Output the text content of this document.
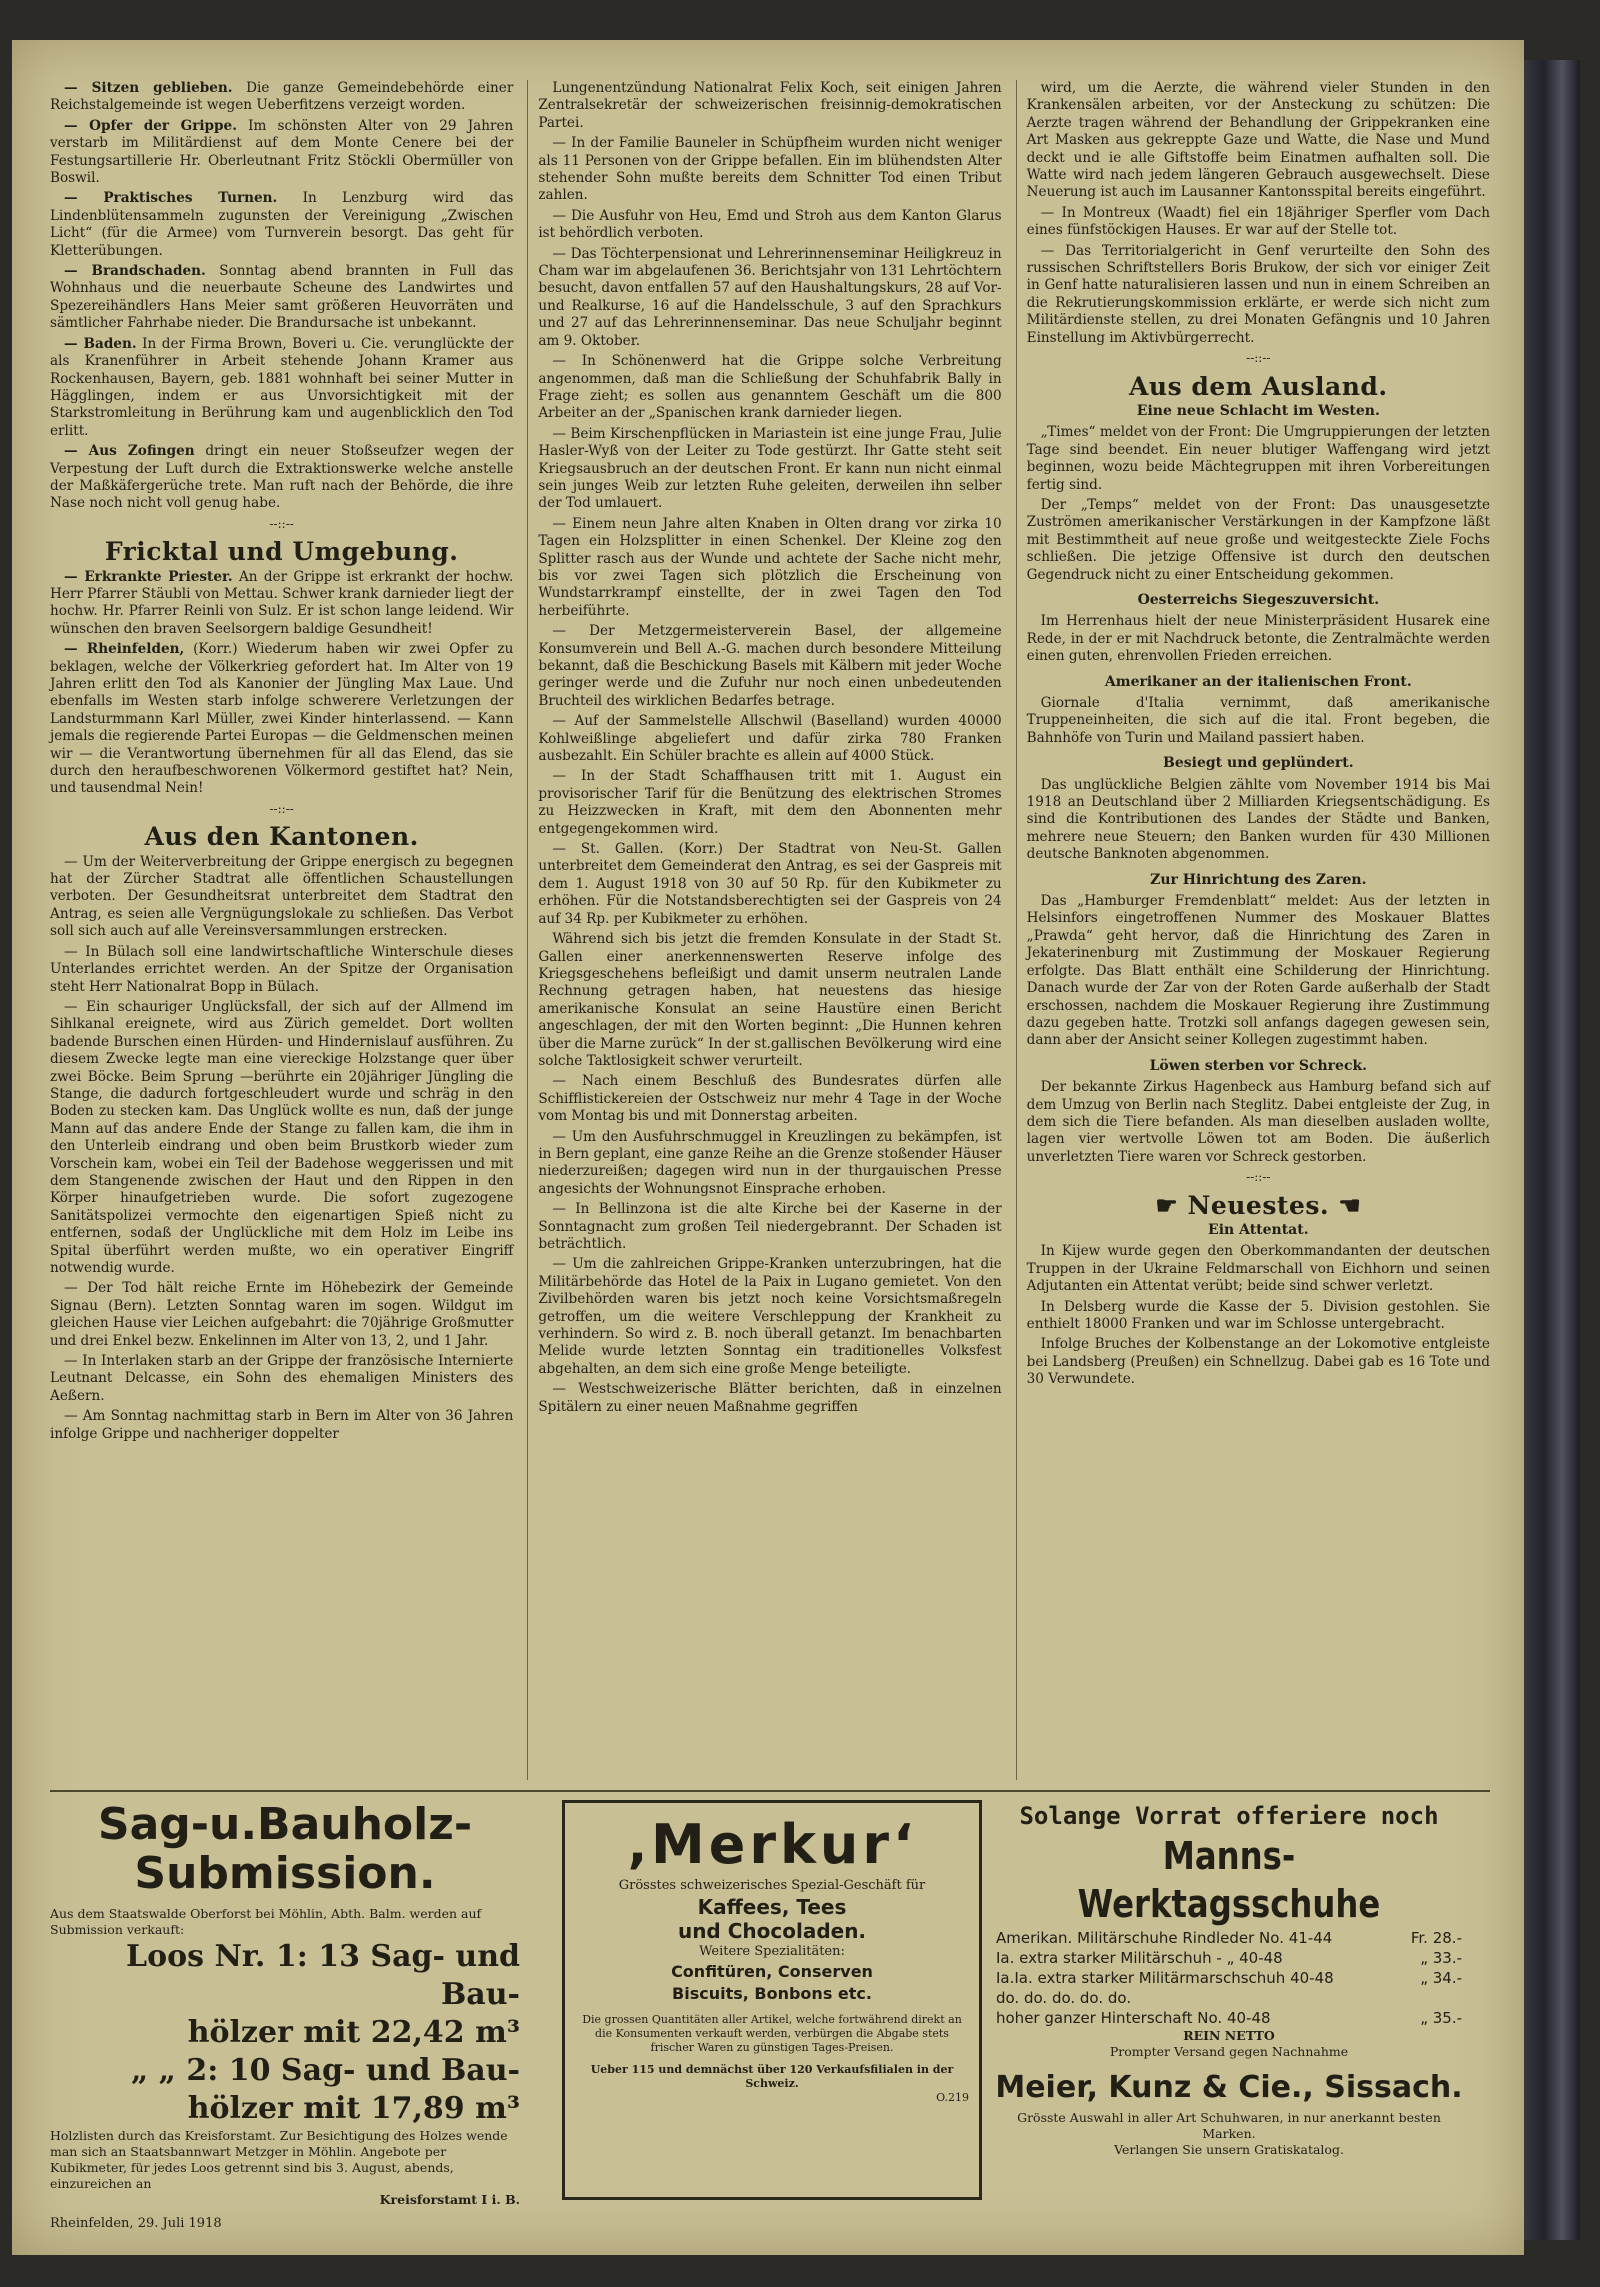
— Sitzen geblieben. Die ganze Gemeindebehörde einer Reichstalgemeinde ist wegen Ueberfitzens verzeigt worden.

— Opfer der Grippe. Im schönsten Alter von 29 Jahren verstarb im Militärdienst auf dem Monte Cenere bei der Festungsartillerie Hr. Oberleutnant Fritz Stöckli Obermüller von Boswil.

— Praktisches Turnen. In Lenzburg wird das Lindenblütensammeln zugunsten der Vereinigung „Zwischen Licht“ (für die Armee) vom Turnverein besorgt. Das geht für Kletterübungen.

— Brandschaden. Sonntag abend brannten in Full das Wohnhaus und die neuerbaute Scheune des Landwirtes und Spezereihändlers Hans Meier samt größeren Heuvorräten und sämtlicher Fahrhabe nieder. Die Brandursache ist unbekannt.

— Baden. In der Firma Brown, Boveri u. Cie. verunglückte der als Kranenführer in Arbeit stehende Johann Kramer aus Rockenhausen, Bayern, geb. 1881 wohnhaft bei seiner Mutter in Hägglingen, indem er aus Unvorsichtigkeit mit der Starkstromleitung in Berührung kam und augenblicklich den Tod erlitt.

— Aus Zofingen dringt ein neuer Stoßseufzer wegen der Verpestung der Luft durch die Extraktionswerke welche anstelle der Maßkäfergerüche trete. Man ruft nach der Behörde, die ihre Nase noch nicht voll genug habe.

--::--
Fricktal und Umgebung.

— Erkrankte Priester. An der Grippe ist erkrankt der hochw. Herr Pfarrer Stäubli von Mettau. Schwer krank darnieder liegt der hochw. Hr. Pfarrer Reinli von Sulz. Er ist schon lange leidend. Wir wünschen den braven Seelsorgern baldige Gesundheit!

— Rheinfelden, (Korr.) Wiederum haben wir zwei Opfer zu beklagen, welche der Völkerkrieg gefordert hat. Im Alter von 19 Jahren erlitt den Tod als Kanonier der Jüngling Max Laue. Und ebenfalls im Westen starb infolge schwerere Verletzungen der Landsturmmann Karl Müller, zwei Kinder hinterlassend. — Kann jemals die regierende Partei Europas — die Geldmenschen meinen wir — die Verantwortung übernehmen für all das Elend, das sie durch den heraufbeschworenen Völkermord gestiftet hat? Nein, und tausendmal Nein!

--::--
Aus den Kantonen.

— Um der Weiterverbreitung der Grippe energisch zu begegnen hat der Zürcher Stadtrat alle öffentlichen Schaustellungen verboten. Der Gesundheitsrat unterbreitet dem Stadtrat den Antrag, es seien alle Vergnügungslokale zu schließen. Das Verbot soll sich auch auf alle Vereinsversammlungen erstrecken.

— In Bülach soll eine landwirtschaftliche Winterschule dieses Unterlandes errichtet werden. An der Spitze der Organisation steht Herr Nationalrat Bopp in Bülach.

— Ein schauriger Unglücksfall, der sich auf der Allmend im Sihlkanal ereignete, wird aus Zürich gemeldet. Dort wollten badende Burschen einen Hürden- und Hindernislauf ausführen. Zu diesem Zwecke legte man eine viereckige Holzstange quer über zwei Böcke. Beim Sprung —berührte ein 20jähriger Jüngling die Stange, die dadurch fortgeschleudert wurde und schräg in den Boden zu stecken kam. Das Unglück wollte es nun, daß der junge Mann auf das andere Ende der Stange zu fallen kam, die ihm in den Unterleib eindrang und oben beim Brustkorb wieder zum Vorschein kam, wobei ein Teil der Badehose weggerissen und mit dem Stangenende zwischen der Haut und den Rippen in den Körper hinaufgetrieben wurde. Die sofort zugezogene Sanitätspolizei vermochte den eigenartigen Spieß nicht zu entfernen, sodaß der Unglückliche mit dem Holz im Leibe ins Spital überführt werden mußte, wo ein operativer Eingriff notwendig wurde.

— Der Tod hält reiche Ernte im Höhebezirk der Gemeinde Signau (Bern). Letzten Sonntag waren im sogen. Wildgut im gleichen Hause vier Leichen aufgebahrt: die 70jährige Großmutter und drei Enkel bezw. Enkelinnen im Alter von 13, 2, und 1 Jahr.

— In Interlaken starb an der Grippe der französische Internierte Leutnant Delcasse, ein Sohn des ehemaligen Ministers des Aeßern.

— Am Sonntag nachmittag starb in Bern im Alter von 36 Jahren infolge Grippe und nachheriger doppelter

Lungenentzündung Nationalrat Felix Koch, seit einigen Jahren Zentralsekretär der schweizerischen freisinnig-demokratischen Partei.

— In der Familie Bauneler in Schüpfheim wurden nicht weniger als 11 Personen von der Grippe befallen. Ein im blühendsten Alter stehender Sohn mußte bereits dem Schnitter Tod einen Tribut zahlen.

— Die Ausfuhr von Heu, Emd und Stroh aus dem Kanton Glarus ist behördlich verboten.

— Das Töchterpensionat und Lehrerinnenseminar Heiligkreuz in Cham war im abgelaufenen 36. Berichtsjahr von 131 Lehrtöchtern besucht, davon entfallen 57 auf den Haushaltungskurs, 28 auf Vor- und Realkurse, 16 auf die Handelsschule, 3 auf den Sprachkurs und 27 auf das Lehrerinnenseminar. Das neue Schuljahr beginnt am 9. Oktober.

— In Schönenwerd hat die Grippe solche Verbreitung angenommen, daß man die Schließung der Schuhfabrik Bally in Frage zieht; es sollen aus genanntem Geschäft um die 800 Arbeiter an der „Spanischen krank darnieder liegen.

— Beim Kirschenpflücken in Mariastein ist eine junge Frau, Julie Hasler-Wyß von der Leiter zu Tode gestürzt. Ihr Gatte steht seit Kriegsausbruch an der deutschen Front. Er kann nun nicht einmal sein junges Weib zur letzten Ruhe geleiten, derweilen ihn selber der Tod umlauert.

— Einem neun Jahre alten Knaben in Olten drang vor zirka 10 Tagen ein Holzsplitter in einen Schenkel. Der Kleine zog den Splitter rasch aus der Wunde und achtete der Sache nicht mehr, bis vor zwei Tagen sich plötzlich die Erscheinung von Wundstarrkrampf einstellte, der in zwei Tagen den Tod herbeiführte.

— Der Metzgermeisterverein Basel, der allgemeine Konsumverein und Bell A.-G. machen durch besondere Mitteilung bekannt, daß die Beschickung Basels mit Kälbern mit jeder Woche geringer werde und die Zufuhr nur noch einen unbedeutenden Bruchteil des wirklichen Bedarfes betrage.

— Auf der Sammelstelle Allschwil (Baselland) wurden 40000 Kohlweißlinge abgeliefert und dafür zirka 780 Franken ausbezahlt. Ein Schüler brachte es allein auf 4000 Stück.

— In der Stadt Schaffhausen tritt mit 1. August ein provisorischer Tarif für die Benützung des elektrischen Stromes zu Heizzwecken in Kraft, mit dem den Abonnenten mehr entgegengekommen wird.

— St. Gallen. (Korr.) Der Stadtrat von Neu-St. Gallen unterbreitet dem Gemeinderat den Antrag, es sei der Gaspreis mit dem 1. August 1918 von 30 auf 50 Rp. für den Kubikmeter zu erhöhen. Für die Notstandsberechtigten sei der Gaspreis von 24 auf 34 Rp. per Kubikmeter zu erhöhen.

Während sich bis jetzt die fremden Konsulate in der Stadt St. Gallen einer anerkennenswerten Reserve infolge des Kriegsgeschehens befleißigt und damit unserm neutralen Lande Rechnung getragen haben, hat neuestens das hiesige amerikanische Konsulat an seine Haustüre einen Bericht angeschlagen, der mit den Worten beginnt: „Die Hunnen kehren über die Marne zurück“ In der st.gallischen Bevölkerung wird eine solche Taktlosigkeit schwer verurteilt.

— Nach einem Beschluß des Bundesrates dürfen alle Schifflistickereien der Ostschweiz nur mehr 4 Tage in der Woche vom Montag bis und mit Donnerstag arbeiten.

— Um den Ausfuhrschmuggel in Kreuzlingen zu bekämpfen, ist in Bern geplant, eine ganze Reihe an die Grenze stoßender Häuser niederzureißen; dagegen wird nun in der thurgauischen Presse angesichts der Wohnungsnot Einsprache erhoben.

— In Bellinzona ist die alte Kirche bei der Kaserne in der Sonntagnacht zum großen Teil niedergebrannt. Der Schaden ist beträchtlich.

— Um die zahlreichen Grippe-Kranken unterzubringen, hat die Militärbehörde das Hotel de la Paix in Lugano gemietet. Von den Zivilbehörden waren bis jetzt noch keine Vorsichtsmaßregeln getroffen, um die weitere Verschleppung der Krankheit zu verhindern. So wird z. B. noch überall getanzt. Im benachbarten Melide wurde letzten Sonntag ein traditionelles Volksfest abgehalten, an dem sich eine große Menge beteiligte.

— Westschweizerische Blätter berichten, daß in einzelnen Spitälern zu einer neuen Maßnahme gegriffen

wird, um die Aerzte, die während vieler Stunden in den Krankensälen arbeiten, vor der Ansteckung zu schützen: Die Aerzte tragen während der Behandlung der Grippekranken eine Art Masken aus gekreppte Gaze und Watte, die Nase und Mund deckt und ie alle Giftstoffe beim Einatmen aufhalten soll. Die Watte wird nach jedem längeren Gebrauch ausgewechselt. Diese Neuerung ist auch im Lausanner Kantonsspital bereits eingeführt.

— In Montreux (Waadt) fiel ein 18jähriger Sperfler vom Dach eines fünfstöckigen Hauses. Er war auf der Stelle tot.

— Das Territorialgericht in Genf verurteilte den Sohn des russischen Schriftstellers Boris Brukow, der sich vor einiger Zeit in Genf hatte naturalisieren lassen und nun in einem Schreiben an die Rekrutierungskommission erklärte, er werde sich nicht zum Militärdienste stellen, zu drei Monaten Gefängnis und 10 Jahren Einstellung im Aktivbürgerrecht.

--::--
Aus dem Ausland.
Eine neue Schlacht im Westen.

„Times“ meldet von der Front: Die Umgruppierungen der letzten Tage sind beendet. Ein neuer blutiger Waffengang wird jetzt beginnen, wozu beide Mächtegruppen mit ihren Vorbereitungen fertig sind.

Der „Temps“ meldet von der Front: Das unausgesetzte Zuströmen amerikanischer Verstärkungen in der Kampfzone läßt mit Bestimmtheit auf neue große und weitgesteckte Ziele Fochs schließen. Die jetzige Offensive ist durch den deutschen Gegendruck nicht zu einer Entscheidung gekommen.

Oesterreichs Siegeszuversicht.

Im Herrenhaus hielt der neue Ministerpräsident Husarek eine Rede, in der er mit Nachdruck betonte, die Zentralmächte werden einen guten, ehrenvollen Frieden erreichen.

Amerikaner an der italienischen Front.

Giornale d'Italia vernimmt, daß amerikanische Truppeneinheiten, die sich auf die ital. Front begeben, die Bahnhöfe von Turin und Mailand passiert haben.

Besiegt und geplündert.

Das unglückliche Belgien zählte vom November 1914 bis Mai 1918 an Deutschland über 2 Milliarden Kriegsentschädigung. Es sind die Kontributionen des Landes der Städte und Banken, mehrere neue Steuern; den Banken wurden für 430 Millionen deutsche Banknoten abgenommen.

Zur Hinrichtung des Zaren.

Das „Hamburger Fremdenblatt“ meldet: Aus der letzten in Helsinfors eingetroffenen Nummer des Moskauer Blattes „Prawda“ geht hervor, daß die Hinrichtung des Zaren in Jekaterinenburg mit Zustimmung der Moskauer Regierung erfolgte. Das Blatt enthält eine Schilderung der Hinrichtung. Danach wurde der Zar von der Roten Garde außerhalb der Stadt erschossen, nachdem die Moskauer Regierung ihre Zustimmung dazu gegeben hatte. Trotzki soll anfangs dagegen gewesen sein, dann aber der Ansicht seiner Kollegen zugestimmt haben.

Löwen sterben vor Schreck.

Der bekannte Zirkus Hagenbeck aus Hamburg befand sich auf dem Umzug von Berlin nach Steglitz. Dabei entgleiste der Zug, in dem sich die Tiere befanden. Als man dieselben ausladen wollte, lagen vier wertvolle Löwen tot am Boden. Die äußerlich unverletzten Tiere waren vor Schreck gestorben.

--::--
☛ Neuestes. ☚
Ein Attentat.

In Kijew wurde gegen den Oberkommandanten der deutschen Truppen in der Ukraine Feldmarschall von Eichhorn und seinen Adjutanten ein Attentat verübt; beide sind schwer verletzt.

In Delsberg wurde die Kasse der 5. Division gestohlen. Sie enthielt 18000 Franken und war im Schlosse untergebracht.

Infolge Bruches der Kolbenstange an der Lokomotive entgleiste bei Landsberg (Preußen) ein Schnellzug. Dabei gab es 16 Tote und 30 Verwundete.

Sag-u.Bauholz-
Submission.
Aus dem Staatswalde Oberforst bei Möhlin, Abth. Balm. werden auf Submission verkauft:
Loos Nr. 1: 13 Sag- und Bau-
hölzer mit 22,42 m³
„ „ 2: 10 Sag- und Bau-
hölzer mit 17,89 m³
Holzlisten durch das Kreisforstamt. Zur Besichtigung des Holzes wende man sich an Staatsbannwart Metzger in Möhlin. Angebote per Kubikmeter, für jedes Loos getrennt sind bis 3. August, abends, einzureichen an
Kreisforstamt I i. B.
Rheinfelden, 29. Juli 1918
‚Merkur‘
Grösstes schweizerisches Spezial-Geschäft für
Kaffees, Tees
und Chocoladen.
Weitere Spezialitäten:
Confitüren, Conserven
Biscuits, Bonbons etc.
Die grossen Quantitäten aller Artikel, welche fortwährend direkt an die Konsumenten verkauft werden, verbürgen die Abgabe stets frischer Waren zu günstigen Tages-Preisen.
Ueber 115 und demnächst über 120 Verkaufsfilialen in der Schweiz.
O.219
Solange Vorrat offeriere noch
Manns-Werktagsschuhe
Amerikan. Militärschuhe Rindleder No. 41-44	Fr. 28.-
Ia. extra starker Militärschuh - „ 40-48	„ 33.-
Ia.Ia. extra starker Militärmarschschuh 40-48	„ 34.-
do. do. do. do. do.	
hoher ganzer Hinterschaft No. 40-48	„ 35.-
REIN NETTO
Prompter Versand gegen Nachnahme
Meier, Kunz & Cie., Sissach.
Grösste Auswahl in aller Art Schuhwaren, in nur anerkannt besten Marken.
Verlangen Sie unsern Gratiskatalog.
